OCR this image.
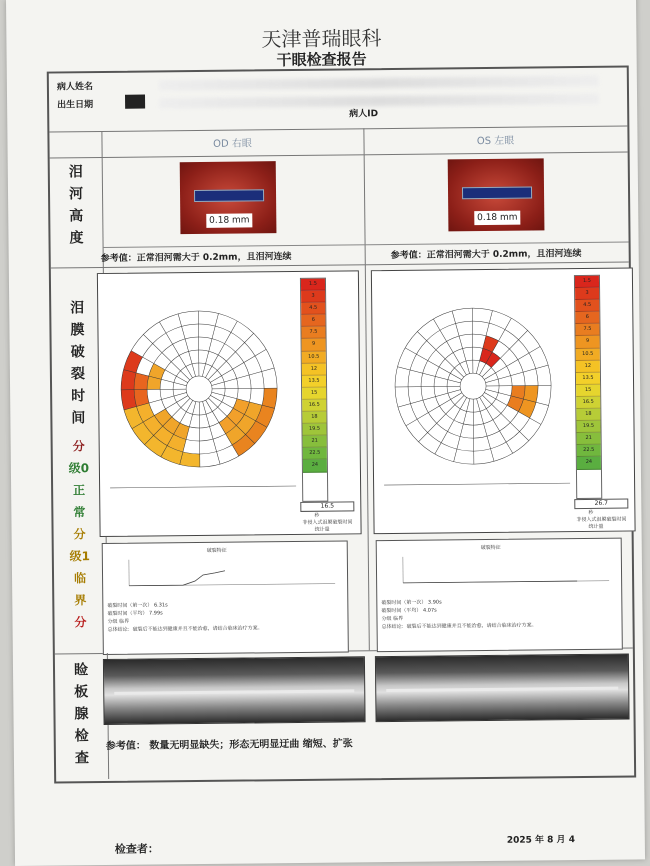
天津普瑞眼科
干眼检查报告
病人姓名
出生日期
病人ID
OD 右眼	OS 左眼
泪
河
高
度
0.18 mm	0.18 mm
参考值：正常泪河需大于 0.2mm，且泪河连续	参考值：正常泪河需大于 0.2mm，且泪河连续
泪
膜
破
裂
时
间
分
级0
正
常
分
级1
临
界
分
1.5
3
4.5
6
7.5
9
10.5
12
13.5
15
16.5
18
19.5
21
22.5
24
16.5
秒
非侵入式泪膜破裂时间
统计量
破裂特征
破裂时间（第一次） 6.31s
破裂时间（平均） 7.99s
分级 临界
总体结论：破裂后不能达到健康并且不能治愈，请结合临床治疗方案。
1.5
3
4.5
6
7.5
9
10.5
12
13.5
15
16.5
18
19.5
21
22.5
24
26.7
秒
非侵入式泪膜破裂时间
统计量
破裂特征
破裂时间（第一次） 3.90s
破裂时间（平均） 4.07s
分级 临界
总体结论：破裂后不能达到健康并且不能治愈，请结合临床治疗方案。
睑
板
腺
检
查
参考值： 数量无明显缺失；形态无明显迂曲 缩短、扩张
检查者：
2025 年 8 月 4
